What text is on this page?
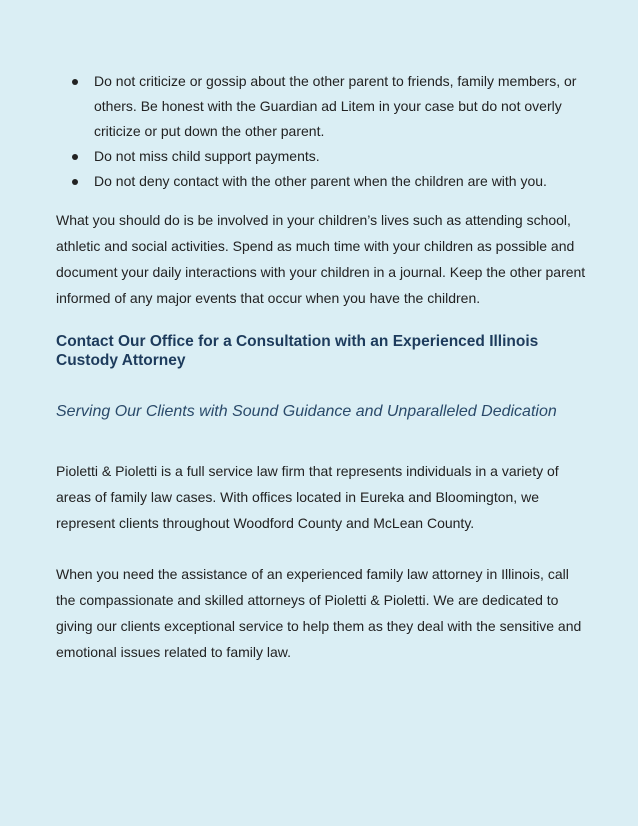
Do not criticize or gossip about the other parent to friends, family members, or others. Be honest with the Guardian ad Litem in your case but do not overly criticize or put down the other parent.
Do not miss child support payments.
Do not deny contact with the other parent when the children are with you.

What you should do is be involved in your children’s lives such as attending school, athletic and social activities. Spend as much time with your children as possible and document your daily interactions with your children in a journal. Keep the other parent informed of any major events that occur when you have the children.

Contact Our Office for a Consultation with an Experienced Illinois Custody Attorney
Serving Our Clients with Sound Guidance and Unparalleled Dedication

Pioletti & Pioletti is a full service law firm that represents individuals in a variety of areas of family law cases. With offices located in Eureka and Bloomington, we represent clients throughout Woodford County and McLean County.

When you need the assistance of an experienced family law attorney in Illinois, call the compassionate and skilled attorneys of Pioletti & Pioletti. We are dedicated to giving our clients exceptional service to help them as they deal with the sensitive and emotional issues related to family law.
